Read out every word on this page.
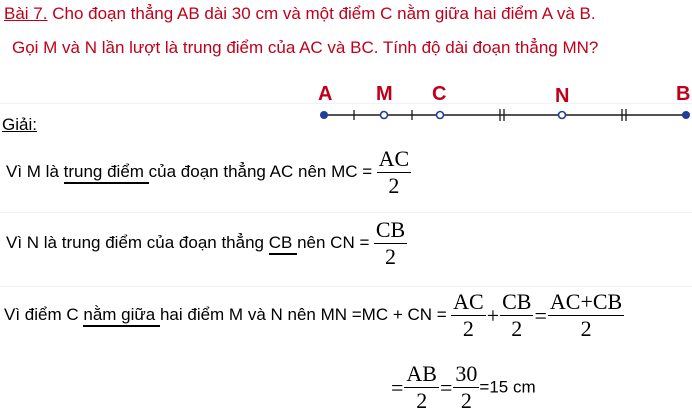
Bài 7. Cho đoạn thẳng AB dài 30 cm và một điểm C nằm giữa hai điểm A và B.
Gọi M và N lần lượt là trung điểm của AC và BC. Tính độ dài đoạn thẳng MN?
A M C	N	B
Giải:
Vì M là trung điểm của đoạn thẳng AC nên MC = $\frac{AC}{2}$
Vì N là trung điểm của đoạn thẳng CB nên CN = $\frac{CB}{2}$
Vì điểm C nằm giữa hai điểm M và N nên MN =MC + CN = $\frac{AC}{2} + \frac{CB}{2} = \frac{AC+CB}{2}$
= $\frac{AB}{2} = \frac{30}{2} =15$ cm
